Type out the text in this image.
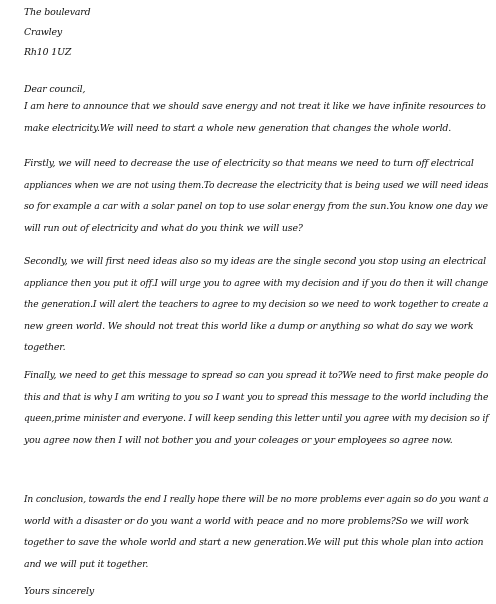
The boulevard
Crawley
Rh10 1UZ
Dear council,
I am here to announce that we should save energy and not treat it like we have infinite resources to
make electricity.We will need to start a whole new generation that changes the whole world.
Firstly, we will need to decrease the use of electricity so that means we need to turn off electrical
appliances when we are not using them.To decrease the electricity that is being used we will need ideas
so for example a car with a solar panel on top to use solar energy from the sun.You know one day we
will run out of electricity and what do you think we will use?
Secondly, we will first need ideas also so my ideas are the single second you stop using an electrical
appliance then you put it off.I will urge you to agree with my decision and if you do then it will change
the generation.I will alert the teachers to agree to my decision so we need to work together to create a
new green world. We should not treat this world like a dump or anything so what do say we work
together.
Finally, we need to get this message to spread so can you spread it to?We need to first make people do
this and that is why I am writing to you so I want you to spread this message to the world including the
queen,prime minister and everyone. I will keep sending this letter until you agree with my decision so if
you agree now then I will not bother you and your coleages or your employees so agree now.
In conclusion, towards the end I really hope there will be no more problems ever again so do you want a
world with a disaster or do you want a world with peace and no more problems?So we will work
together to save the whole world and start a new generation.We will put this whole plan into action
and we will put it together.
Yours sincerely
